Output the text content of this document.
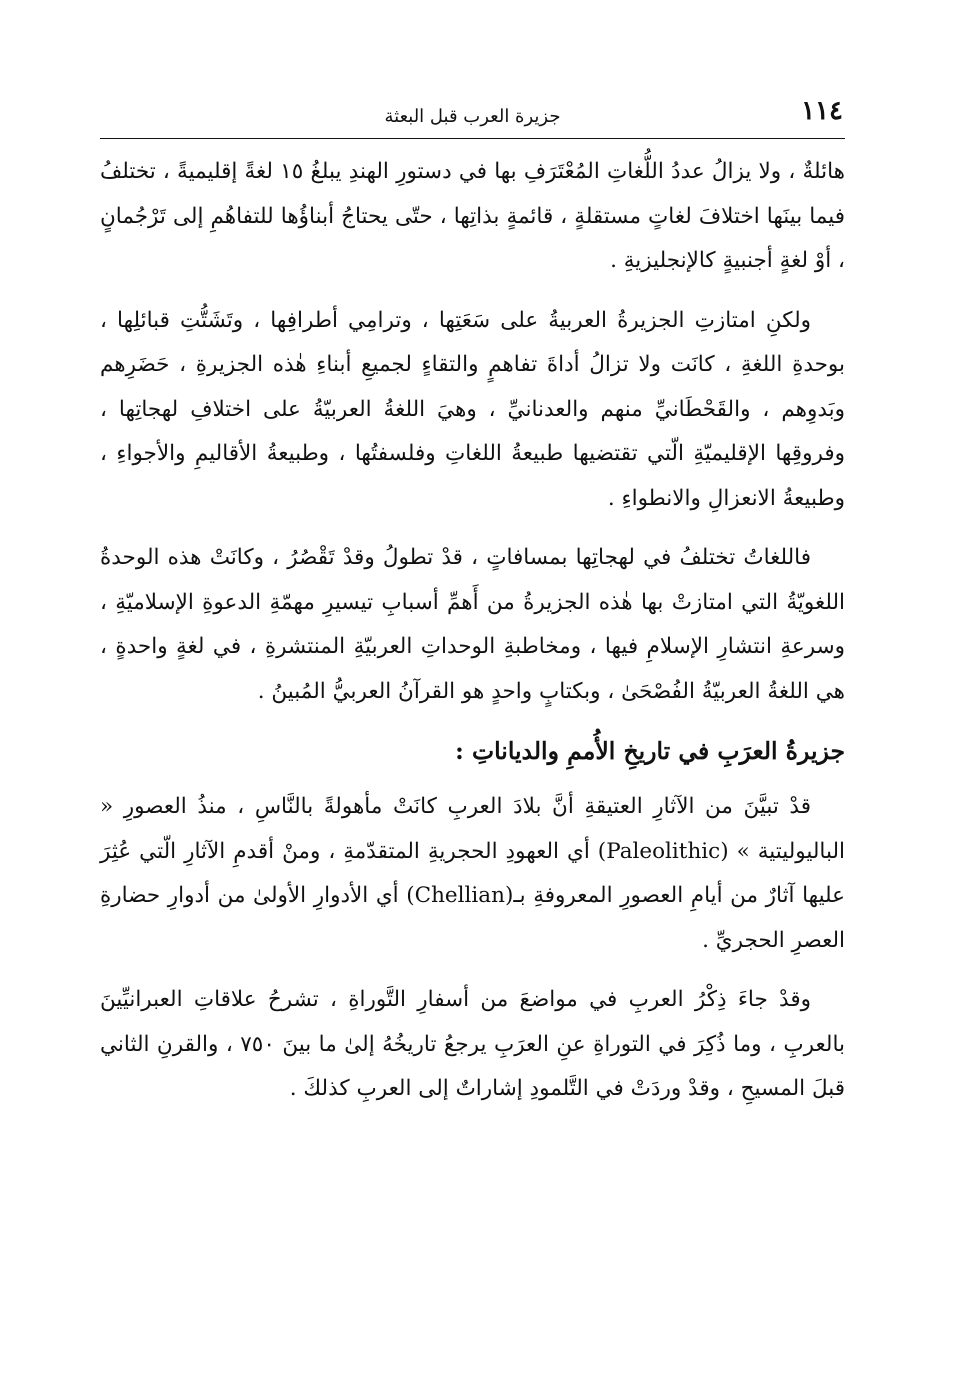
١١٤
جزيرة العرب قبل البعثة

هائلةٌ ، ولا يزالُ عددُ اللُّغاتِ المُعْتَرَفِ بها في دستورِ الهندِ يبلغُ ١٥ لغةً إقليميةً ، تختلفُ فيما بينَها اختلافَ لغاتٍ مستقلةٍ ، قائمةٍ بذاتِها ، حتّى يحتاجُ أبناؤُها للتفاهُمِ إلى تَرْجُمانٍ ، أوْ لغةٍ أجنبيةٍ كالإنجليزيةِ .

ولكنِ امتازتِ الجزيرةُ العربيةُ على سَعَتِها ، وترامِي أطرافِها ، وتَشَتُّتِ قبائلِها ، بوحدةِ اللغةِ ، كانَت ولا تزالُ أداةَ تفاهمٍ والتقاءٍ لجميعِ أبناءِ هٰذه الجزيرةِ ، حَضَرِهم وبَدوِهم ، والقَحْطَانيِّ منهم والعدنانيِّ ، وهيَ اللغةُ العربيّةُ على اختلافِ لهجاتِها ، وفروقِها الإقليميّةِ الّتي تقتضيها طبيعةُ اللغاتِ وفلسفتُها ، وطبيعةُ الأقاليمِ والأجواءِ ، وطبيعةُ الانعزالِ والانطواءِ .

فاللغاتُ تختلفُ في لهجاتِها بمسافاتٍ ، قدْ تطولُ وقدْ تَقْصُرُ ، وكانَتْ هذه الوحدةُ اللغويّةُ التي امتازتْ بها هٰذه الجزيرةُ من أَهمِّ أسبابِ تيسيرِ مهمّةِ الدعوةِ الإسلاميّةِ ، وسرعةِ انتشارِ الإسلامِ فيها ، ومخاطبةِ الوحداتِ العربيّةِ المنتشرةِ ، في لغةٍ واحدةٍ ، هي اللغةُ العربيّةُ الفُصْحَىٰ ، وبكتابٍ واحدٍ هو القرآنُ العربيُّ المُبينُ .

جزيرةُ العرَبِ في تاريخِ الأُممِ والدياناتِ :

قدْ تبيَّنَ من الآثارِ العتيقةِ أنَّ بلادَ العربِ كانَتْ مأهولةً بالنَّاسِ ، منذُ العصورِ « الباليوليتية » (Paleolithic) أي العهودِ الحجريةِ المتقدّمةِ ، ومنْ أقدمِ الآثارِ الّتي عُثِرَ عليها آثارٌ من أيامِ العصورِ المعروفةِ بـ(Chellian) أي الأدوارِ الأولىٰ من أدوارِ حضارةِ العصرِ الحجريِّ .

وقدْ جاءَ ذِكْرُ العربِ في مواضعَ من أسفارِ التَّوراةِ ، تشرحُ علاقاتِ العبرانيِّينَ بالعربِ ، وما ذُكِرَ في التوراةِ عنِ العرَبِ يرجعُ تاريخُهُ إلىٰ ما بينَ ٧٥٠ ، والقرنِ الثاني قبلَ المسيحِ ، وقدْ وردَتْ في التَّلمودِ إشاراتٌ إلى العربِ كذلكَ .
